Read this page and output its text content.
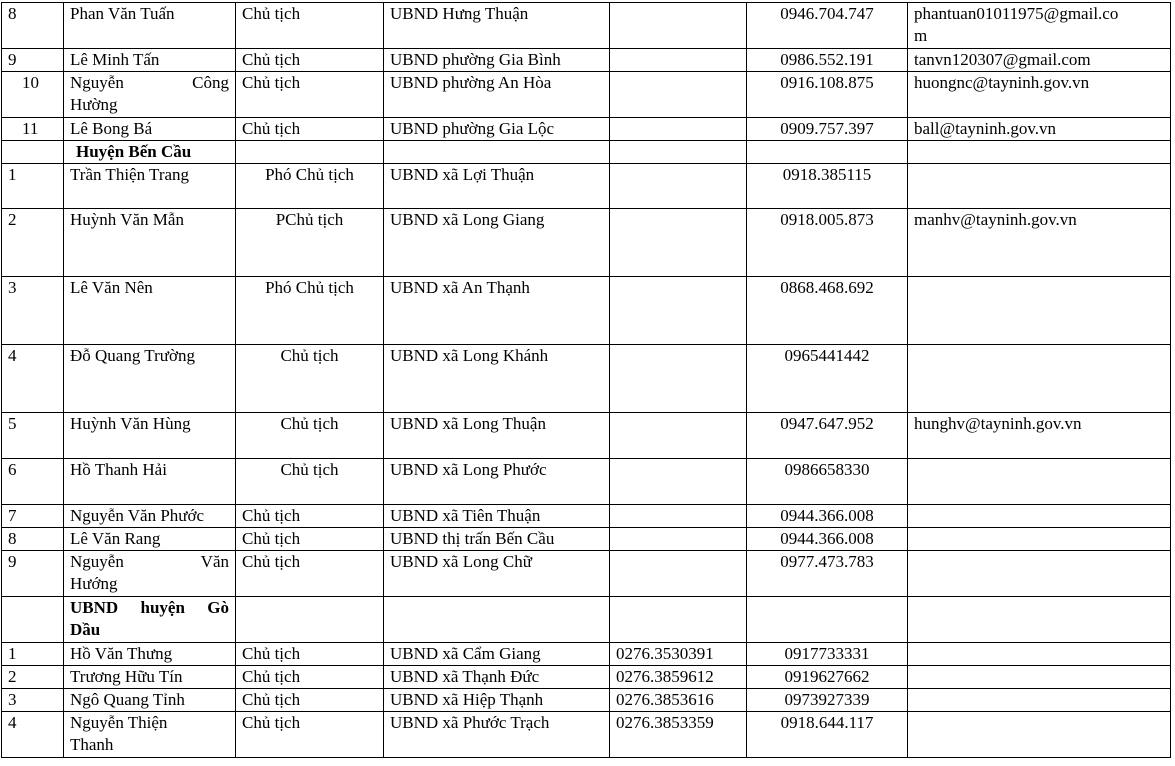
8	Phan Văn Tuấn	Chủ tịch	UBND Hưng Thuận		0946.704.747	phantuan01011975@gmail.co
m
9	Lê Minh Tấn	Chủ tịch	UBND phường Gia Bình		0986.552.191	tanvn120307@gmail.com
10	Nguyễn Công
Hường	Chủ tịch	UBND phường An Hòa		0916.108.875	huongnc@tayninh.gov.vn
11	Lê Bong Bá	Chủ tịch	UBND phường Gia Lộc		0909.757.397	ball@tayninh.gov.vn
	Huyện Bến Cầu					
1	Trần Thiện Trang	Phó Chủ tịch	UBND xã Lợi Thuận		0918.385115	
2	Huỳnh Văn Mẫn	PChủ tịch	UBND xã Long Giang		0918.005.873	manhv@tayninh.gov.vn
3	Lê Văn Nên	Phó Chủ tịch	UBND xã An Thạnh		0868.468.692	
4	Đỗ Quang Trường	Chủ tịch	UBND xã Long Khánh		0965441442	
5	Huỳnh Văn Hùng	Chủ tịch	UBND xã Long Thuận		0947.647.952	hunghv@tayninh.gov.vn
6	Hồ Thanh Hải	Chủ tịch	UBND xã Long Phước		0986658330	
7	Nguyễn Văn Phước	Chủ tịch	UBND xã Tiên Thuận		0944.366.008	
8	Lê Văn Rang	Chủ tịch	UBND thị trấn Bến Cầu		0944.366.008	
9	Nguyễn Văn
Hướng	Chủ tịch	UBND xã Long Chữ		0977.473.783	
	UBND huyện Gò
Dầu					

1	Hồ Văn Thưng	Chủ tịch	UBND xã Cẩm Giang	0276.3530391	0917733331	
2	Trương Hữu Tín	Chủ tịch	UBND xã Thạnh Đức	0276.3859612	0919627662	
3	Ngô Quang Tỉnh	Chủ tịch	UBND xã Hiệp Thạnh	0276.3853616	0973927339	
4	Nguyễn Thiện
Thanh	Chủ tịch	UBND xã Phước Trạch	0276.3853359	0918.644.117	
